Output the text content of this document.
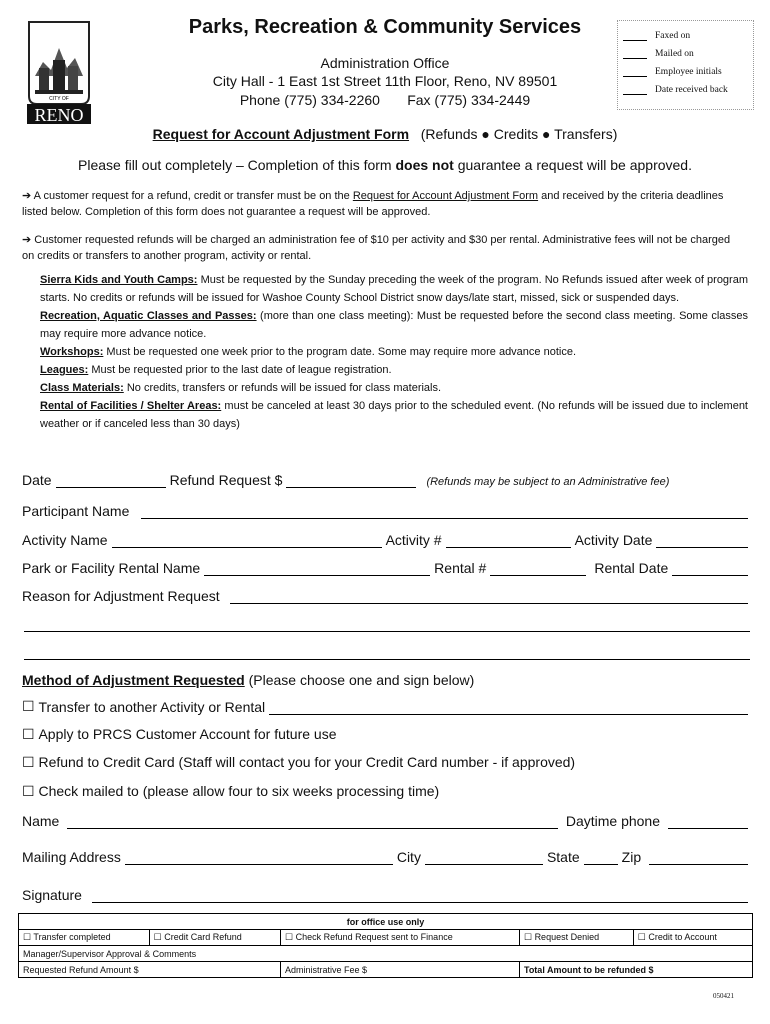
CITY OF
RENO
Parks, Recreation & Community Services
Administration Office
City Hall - 1 East 1st Street 11th Floor, Reno, NV 89501
Phone (775) 334-2260 Fax (775) 334-2449
Faxed on
Mailed on
Employee initials
Date received back
Request for Account Adjustment Form (Refunds ● Credits ● Transfers)
Please fill out completely – Completion of this form does not guarantee a request will be approved.
➔ A customer request for a refund, credit or transfer must be on the Request for Account Adjustment Form and received by the criteria deadlines listed below. Completion of this form does not guarantee a request will be approved.
➔ Customer requested refunds will be charged an administration fee of $10 per activity and $30 per rental. Administrative fees will not be charged on credits or transfers to another program, activity or rental.
Sierra Kids and Youth Camps: Must be requested by the Sunday preceding the week of the program. No Refunds issued after week of program starts. No credits or refunds will be issued for Washoe County School District snow days/late start, missed, sick or suspended days.
Recreation, Aquatic Classes and Passes: (more than one class meeting): Must be requested before the second class meeting. Some classes may require more advance notice.
Workshops: Must be requested one week prior to the program date. Some may require more advance notice.
Leagues: Must be requested prior to the last date of league registration.
Class Materials: No credits, transfers or refunds will be issued for class materials.
Rental of Facilities / Shelter Areas: must be canceled at least 30 days prior to the scheduled event. (No refunds will be issued due to inclement weather or if canceled less than 30 days)
Date	Refund Request $	(Refunds may be subject to an Administrative fee)
Participant Name
Activity Name	Activity #	Activity Date
Park or Facility Rental Name	Rental #	Rental Date
Reason for Adjustment Request
Method of Adjustment Requested (Please choose one and sign below)
☐
Transfer to another Activity or Rental
☐ Apply to PRCS Customer Account for future use
☐ Refund to Credit Card (Staff will contact you for your Credit Card number - if approved)
☐ Check mailed to (please allow four to six weeks processing time)
Name	Daytime phone
Mailing Address	City	State	Zip
Signature
for office use only				
☐ Transfer completed	☐ Credit Card Refund	☐ Check Refund Request sent to Finance	☐ Request Denied	☐ Credit to Account
Manager/Supervisor Approval & Comments				
Requested Refund Amount $		Administrative Fee $	Total Amount to be refunded $	
050421
